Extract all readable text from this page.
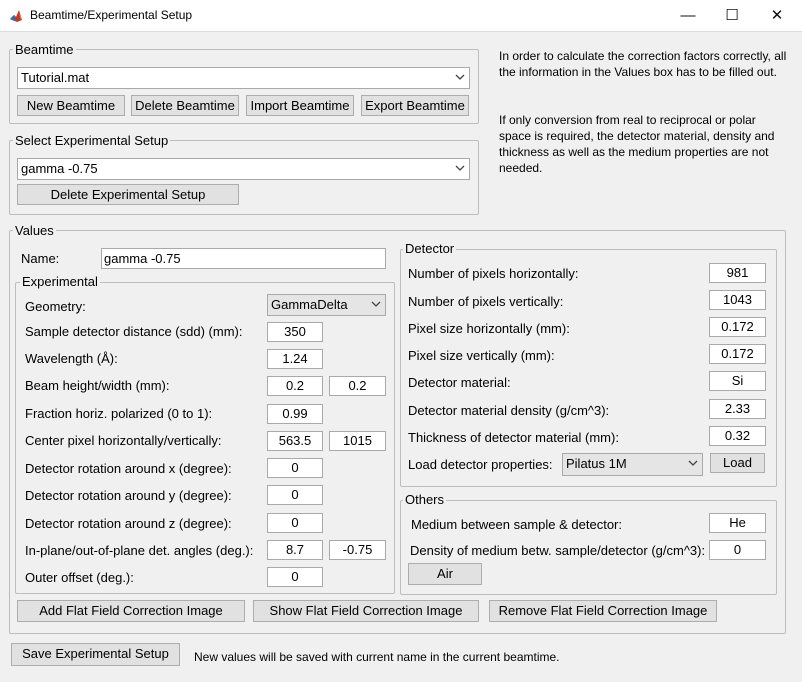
Beamtime/Experimental Setup	—	☐	✕
Beamtime
Tutorial.mat
New Beamtime	Delete Beamtime	Import Beamtime	Export Beamtime
Select Experimental Setup
gamma -0.75
Delete Experimental Setup
In order to calculate the correction factors correctly, all the information in the Values box has to be filled out.
If only conversion from real to reciprocal or polar space is required, the detector material, density and thickness as well as the medium properties are not needed.
Values
Name:	gamma -0.75
Experimental
Geometry:	GammaDelta
Sample detector distance (sdd) (mm):	350
Wavelength (Å):	1.24
Beam height/width (mm):	0.2	0.2
Fraction horiz. polarized (0 to 1):	0.99
Center pixel horizontally/vertically:	563.5	1015
Detector rotation around x (degree):	0
Detector rotation around y (degree):	0
Detector rotation around z (degree):	0
In-plane/out-of-plane det. angles (deg.):	8.7	-0.75
Outer offset (deg.):	0
Detector
Number of pixels horizontally:	981
Number of pixels vertically:	1043
Pixel size horizontally (mm):	0.172
Pixel size vertically (mm):	0.172
Detector material:	Si
Detector material density (g/cm^3):	2.33
Thickness of detector material (mm):	0.32
Load detector properties:	Pilatus 1M	Load
Others
Medium between sample & detector:	He
Density of medium betw. sample/detector (g/cm^3):	0
Air
Add Flat Field Correction Image	Show Flat Field Correction Image	Remove Flat Field Correction Image
Save Experimental Setup	New values will be saved with current name in the current beamtime.
